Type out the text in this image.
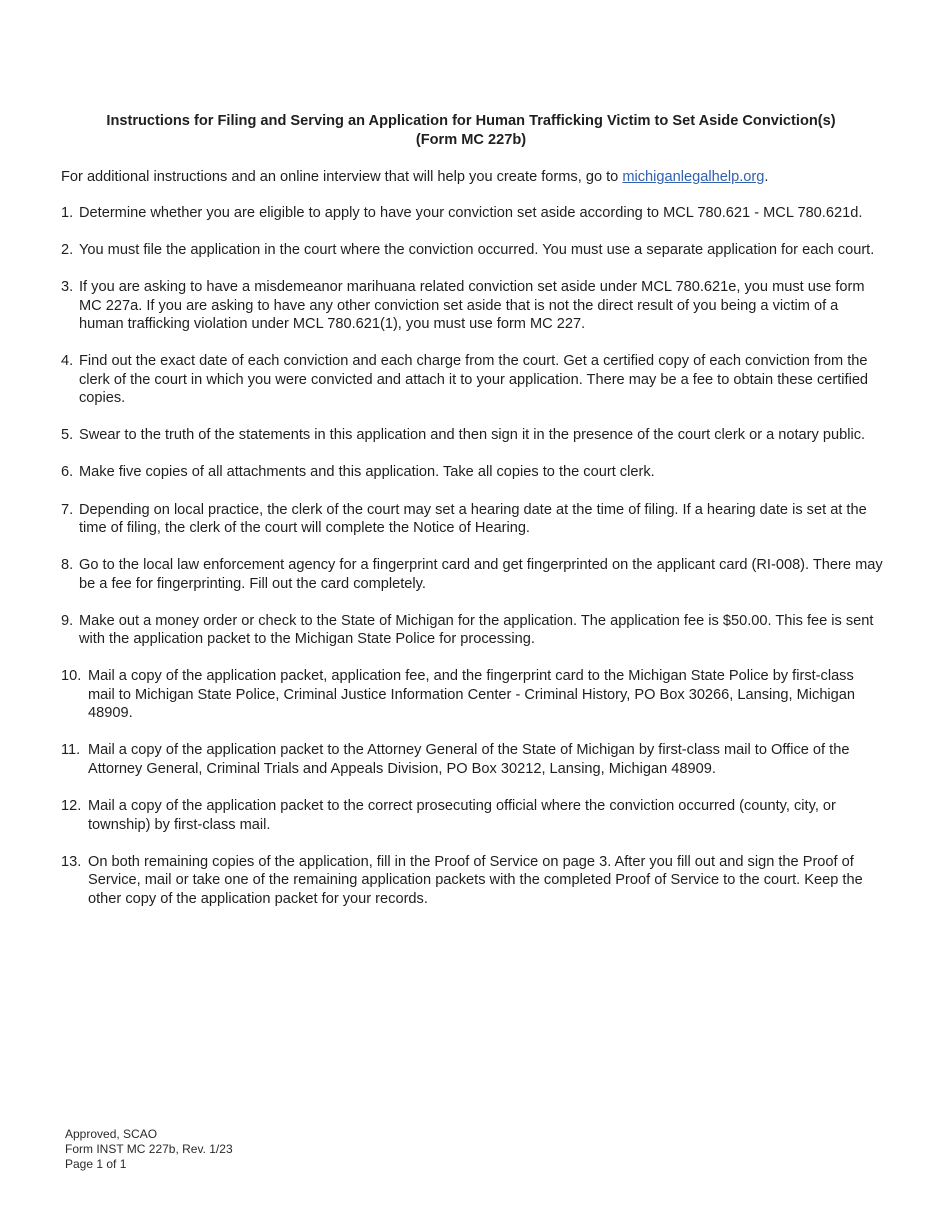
Instructions for Filing and Serving an Application for Human Trafficking Victim to Set Aside Conviction(s)
(Form MC 227b)
For additional instructions and an online interview that will help you create forms, go to michiganlegalhelp.org.
1. Determine whether you are eligible to apply to have your conviction set aside according to MCL 780.621 - MCL 780.621d.
2. You must file the application in the court where the conviction occurred. You must use a separate application for each court.
3. If you are asking to have a misdemeanor marihuana related conviction set aside under MCL 780.621e, you must use form MC 227a. If you are asking to have any other conviction set aside that is not the direct result of you being a victim of a human trafficking violation under MCL 780.621(1), you must use form MC 227.
4. Find out the exact date of each conviction and each charge from the court. Get a certified copy of each conviction from the clerk of the court in which you were convicted and attach it to your application. There may be a fee to obtain these certified copies.
5. Swear to the truth of the statements in this application and then sign it in the presence of the court clerk or a notary public.
6. Make five copies of all attachments and this application. Take all copies to the court clerk.
7. Depending on local practice, the clerk of the court may set a hearing date at the time of filing. If a hearing date is set at the time of filing, the clerk of the court will complete the Notice of Hearing.
8. Go to the local law enforcement agency for a fingerprint card and get fingerprinted on the applicant card (RI-008). There may be a fee for fingerprinting. Fill out the card completely.
9. Make out a money order or check to the State of Michigan for the application. The application fee is $50.00. This fee is sent with the application packet to the Michigan State Police for processing.
10. Mail a copy of the application packet, application fee, and the fingerprint card to the Michigan State Police by first-class mail to Michigan State Police, Criminal Justice Information Center - Criminal History, PO Box 30266, Lansing, Michigan 48909.
11. Mail a copy of the application packet to the Attorney General of the State of Michigan by first-class mail to Office of the Attorney General, Criminal Trials and Appeals Division, PO Box 30212, Lansing, Michigan 48909.
12. Mail a copy of the application packet to the correct prosecuting official where the conviction occurred (county, city, or township) by first-class mail.
13. On both remaining copies of the application, fill in the Proof of Service on page 3. After you fill out and sign the Proof of Service, mail or take one of the remaining application packets with the completed Proof of Service to the court. Keep the other copy of the application packet for your records.
Approved, SCAO
Form INST MC 227b, Rev. 1/23
Page 1 of 1
